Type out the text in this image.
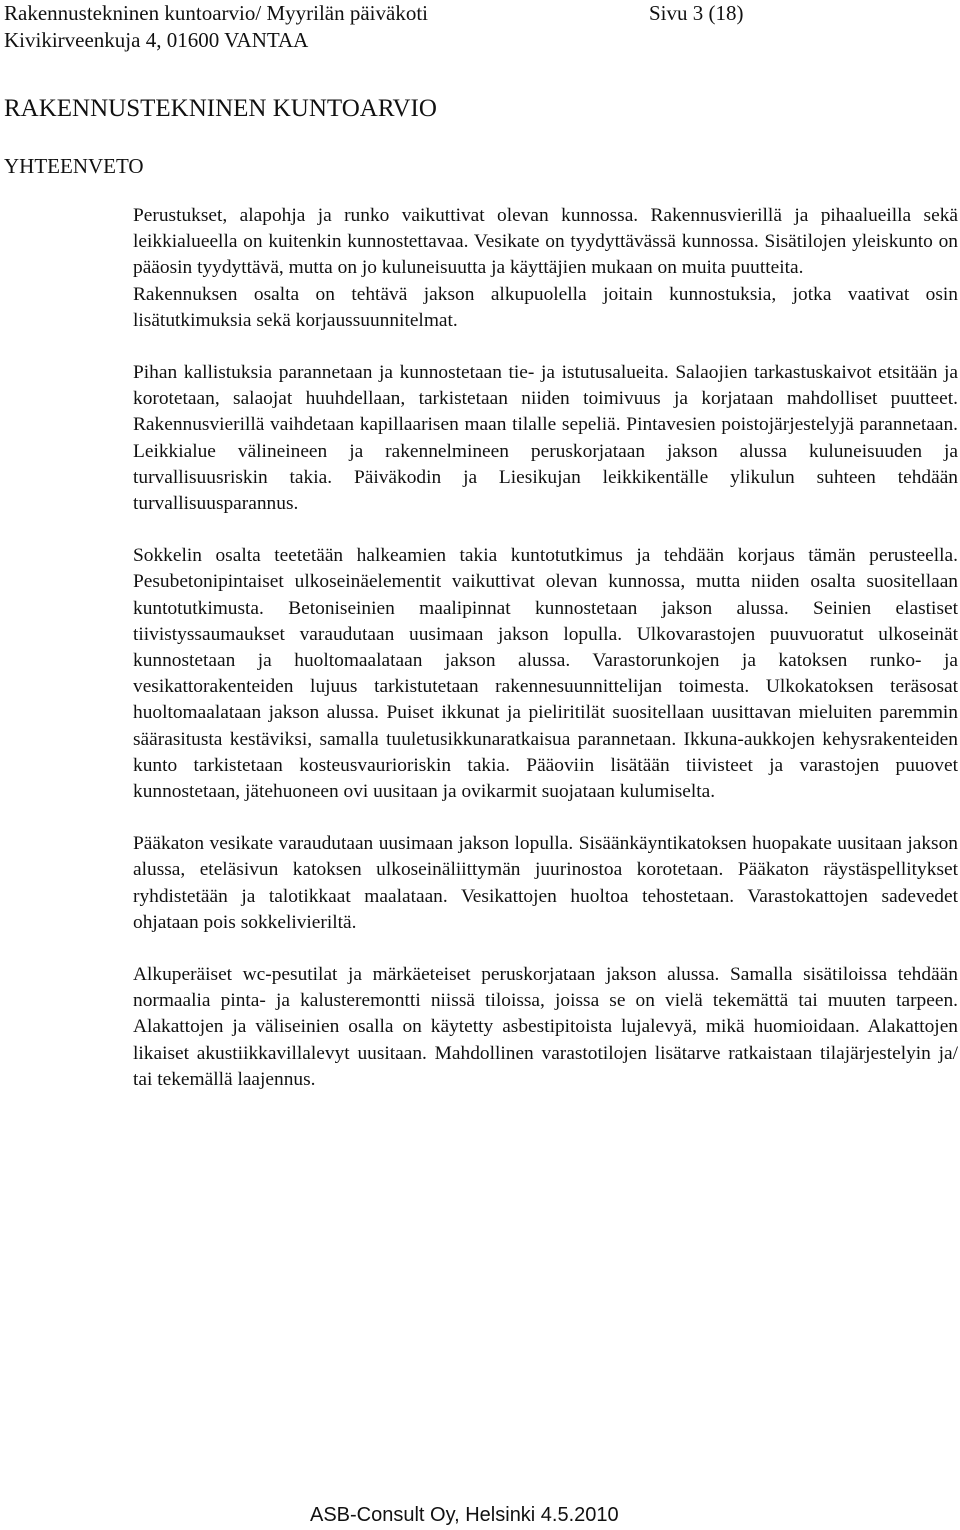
Rakennustekninen kuntoarvio/ Myyrilän päiväkoti
Kivikirveenkuja 4, 01600 VANTAA
Sivu 3 (18)
RAKENNUSTEKNINEN KUNTOARVIO
YHTEENVETO

Perustukset, alapohja ja runko vaikuttivat olevan kunnossa. Rakennusvierillä ja pihaalueilla sekä leikkialueella on kuitenkin kunnostettavaa. Vesikate on tyydyttävässä kunnossa. Sisätilojen yleiskunto on pääosin tyydyttävä, mutta on jo kuluneisuutta ja käyttäjien mukaan on muita puutteita.

Rakennuksen osalta on tehtävä jakson alkupuolella joitain kunnostuksia, jotka vaativat osin lisätutkimuksia sekä korjaussuunnitelmat.

Pihan kallistuksia parannetaan ja kunnostetaan tie- ja istutusalueita. Salaojien tarkastuskaivot etsitään ja korotetaan, salaojat huuhdellaan, tarkistetaan niiden toimivuus ja korjataan mahdolliset puutteet. Rakennusvierillä vaihdetaan kapillaarisen maan tilalle sepeliä. Pintavesien poistojärjestelyjä parannetaan. Leikkialue välineineen ja rakennelmineen peruskorjataan jakson alussa kuluneisuuden ja turvallisuusriskin takia. Päiväkodin ja Liesikujan leikkikentälle ylikulun suhteen tehdään turvallisuusparannus.

Sokkelin osalta teetetään halkeamien takia kuntotutkimus ja tehdään korjaus tämän perusteella. Pesubetonipintaiset ulkoseinäelementit vaikuttivat olevan kunnossa, mutta niiden osalta suositellaan kuntotutkimusta. Betoniseinien maalipinnat kunnostetaan jakson alussa. Seinien elastiset tiivistyssaumaukset varaudutaan uusimaan jakson lopulla. Ulkovarastojen puuvuoratut ulkoseinät kunnostetaan ja huoltomaalataan jakson alussa. Varastorunkojen ja katoksen runko- ja vesikattorakenteiden lujuus tarkistutetaan rakennesuunnittelijan toimesta. Ulkokatoksen teräsosat huoltomaalataan jakson alussa. Puiset ikkunat ja pieliritilät suositellaan uusittavan mieluiten paremmin säärasitusta kestäviksi, samalla tuuletusikkunaratkaisua parannetaan. Ikkuna-aukkojen kehysrakenteiden kunto tarkistetaan kosteusvaurioriskin takia. Pääoviin lisätään tiivisteet ja varastojen puuovet kunnostetaan, jätehuoneen ovi uusitaan ja ovikarmit suojataan kulumiselta.

Pääkaton vesikate varaudutaan uusimaan jakson lopulla. Sisäänkäyntikatoksen huopakate uusitaan jakson alussa, eteläsivun katoksen ulkoseinäliittymän juurinostoa korotetaan. Pääkaton räystäspellitykset ryhdistetään ja talotikkaat maalataan. Vesikattojen huoltoa tehostetaan. Varastokattojen sadevedet ohjataan pois sokkelivieriltä.

Alkuperäiset wc-pesutilat ja märkäeteiset peruskorjataan jakson alussa. Samalla sisätiloissa tehdään normaalia pinta- ja kalusteremontti niissä tiloissa, joissa se on vielä tekemättä tai muuten tarpeen. Alakattojen ja väliseinien osalla on käytetty asbestipitoista lujalevyä, mikä huomioidaan. Alakattojen likaiset akustiikkavillalevyt uusitaan. Mahdollinen varastotilojen lisätarve ratkaistaan tilajärjestelyin ja/ tai tekemällä laajennus.

ASB-Consult Oy, Helsinki 4.5.2010
